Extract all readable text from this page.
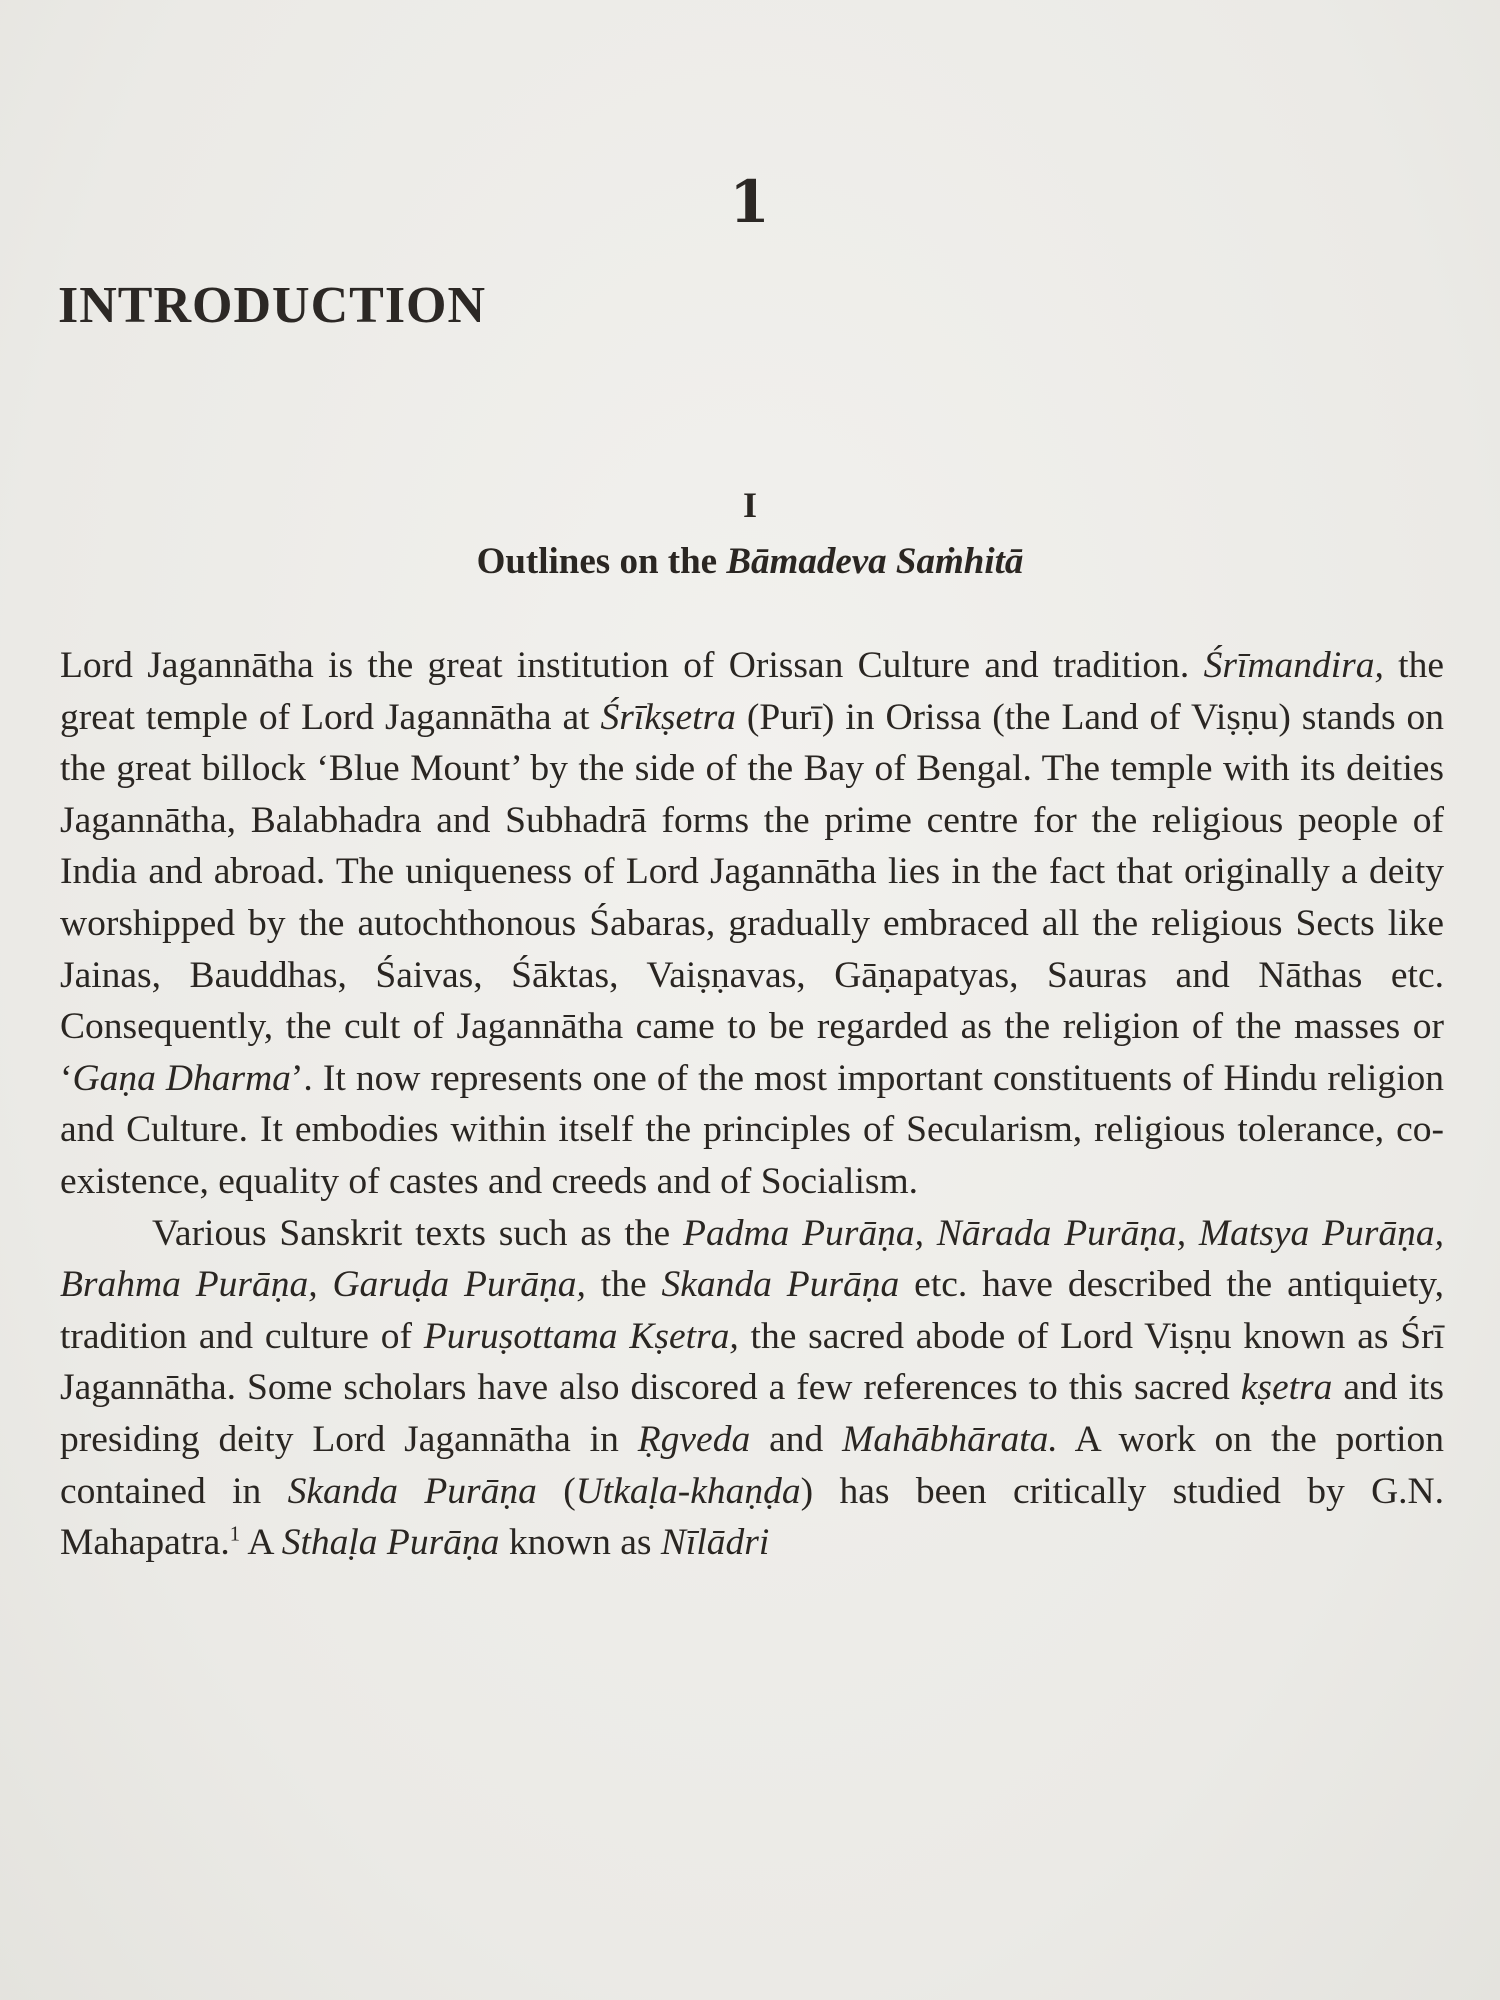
1
INTRODUCTION
I
Outlines on the Bāmadeva Saṁhitā

Lord Jagannātha is the great institution of Orissan Culture and tradition. Śrīmandira, the great temple of Lord Jagannātha at Śrīkṣetra (Purī) in Orissa (the Land of Viṣṇu) stands on the great billock ‘Blue Mount’ by the side of the Bay of Bengal. The temple with its deities Jagannātha, Balabhadra and Subhadrā forms the prime centre for the religious people of India and abroad. The uniqueness of Lord Jagannātha lies in the fact that originally a deity worshipped by the autochthonous Śabaras, gradually embraced all the religious Sects like Jainas, Bauddhas, Śaivas, Śāktas, Vaiṣṇavas, Gāṇapatyas, Sauras and Nāthas etc. Consequently, the cult of Jagannātha came to be regarded as the religion of the masses or ‘Gaṇa Dharma’. It now represents one of the most important constituents of Hindu religion and Culture. It embodies within itself the principles of Secularism, religious tolerance, co-existence, equality of castes and creeds and of Socialism.

Various Sanskrit texts such as the Padma Purāṇa, Nārada Purāṇa, Matsya Purāṇa, Brahma Purāṇa, Garuḍa Purāṇa, the Skanda Purāṇa etc. have described the antiquiety, tradition and culture of Puruṣottama Kṣetra, the sacred abode of Lord Viṣṇu known as Śrī Jagannātha. Some scholars have also discored a few references to this sacred kṣetra and its presiding deity Lord Jagannātha in Ṛgveda and Mahābhārata. A work on the portion contained in Skanda Purāṇa (Utkaḷa-khaṇḍa) has been critically studied by G.N. Mahapatra.$^1$ A Sthaḷa Purāṇa known as Nīlādri
